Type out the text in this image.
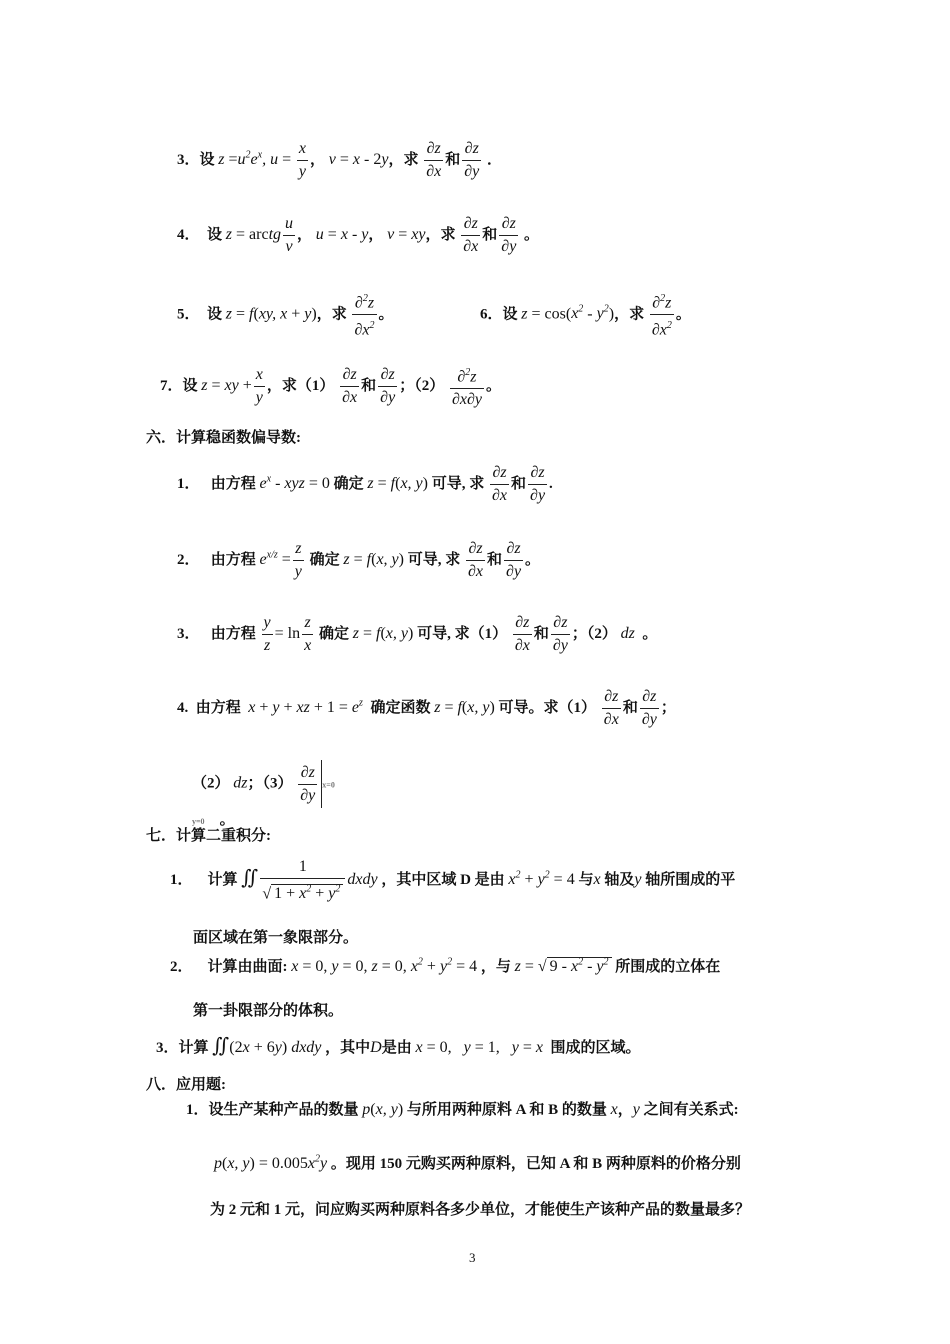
3．设 $z =u^2e^x$, $u = \frac{x}{y}$ ， v = x - 2y，求 $\frac{\partial z}{\partial x}$ 和 $\frac{\partial z}{\partial y}$ ．
4． 设 z = arctg $\frac{u}{v}$ ， u = x - y， v = xy，求 $\frac{\partial z}{\partial x}$ 和 $\frac{\partial z}{\partial y}$ 。
5． 设 z = f(xy, x + y)，求 $\frac{\partial^2z}{\partial x^2}$ 。	6．设 $z = \cos(x^2 - y^2)$，求 $\frac{\partial^2z}{\partial x^2}$ 。
7．设 z = xy + $\frac{x}{y}$ ，求$(1) \frac{\partial z}{\partial x}$ 和 $\frac{\partial z}{\partial y}$ ；$(2) \frac{\partial^2z}{\partial x\partial y}$ 。
六．计算稳函数偏导数:
1． 由方程 $e^x$ - xyz = 0 确定 z = f(x, y) 可导, 求 $\frac{\partial z}{\partial x}$ 和 $\frac{\partial z}{\partial y}$ .
2． 由方程 $e^{x/z} = \frac{z}{y}$ 确定 z = f(x, y) 可导, 求 $\frac{\partial z}{\partial x}$ 和 $\frac{\partial z}{\partial y}$ 。
3． 由方程 $\frac{y}{z} = \ln \frac{z}{x}$ 确定 z = f(x, y) 可导, 求$(1) \frac{\partial z}{\partial x}$ 和 $\frac{\partial z}{\partial y}$ ；（2） dz 。
4. 由方程 x + y + xz + $1 = e^z$ 确定函数 z = f(x, y) 可导。求$(1) \frac{\partial z}{\partial x}$ 和 $\frac{\partial z}{\partial y}$ ；
（2） dz；$(3) \frac{\partial z}{\partial y} x=0$
y=0 。
七．计算二重积分:
1． 计算 ∬ $\frac{1}{√ 1 + x^2 + y^2}$ dxdy ，其中区域 D 是由 $x^2 + y^2 = 4$ 与x 轴及y 轴所围成的平
面区域在第一象限部分。
2． 计算由曲面: x = 0, y = 0, z = 0, $x^2 + y^2 = 4$ ，与 z = √ $9 - x^2 - y^2$ 所围成的立体在
第一卦限部分的体积。
3．计算 ∬(2x + 6y) dxdy ，其中D是由 x = 0,   y = 1,   y = x 围成的区域。
八．应用题:
1．设生产某种产品的数量 p(x, y) 与所用两种原料 A 和 B 的数量 x，y 之间有关系式:
p(x, $y) = 0.005x^2y$ 。现用 150 元购买两种原料，已知 A 和 B 两种原料的价格分别
为 2 元和 1 元，问应购买两种原料各多少单位，才能使生产该种产品的数量最多？
3
